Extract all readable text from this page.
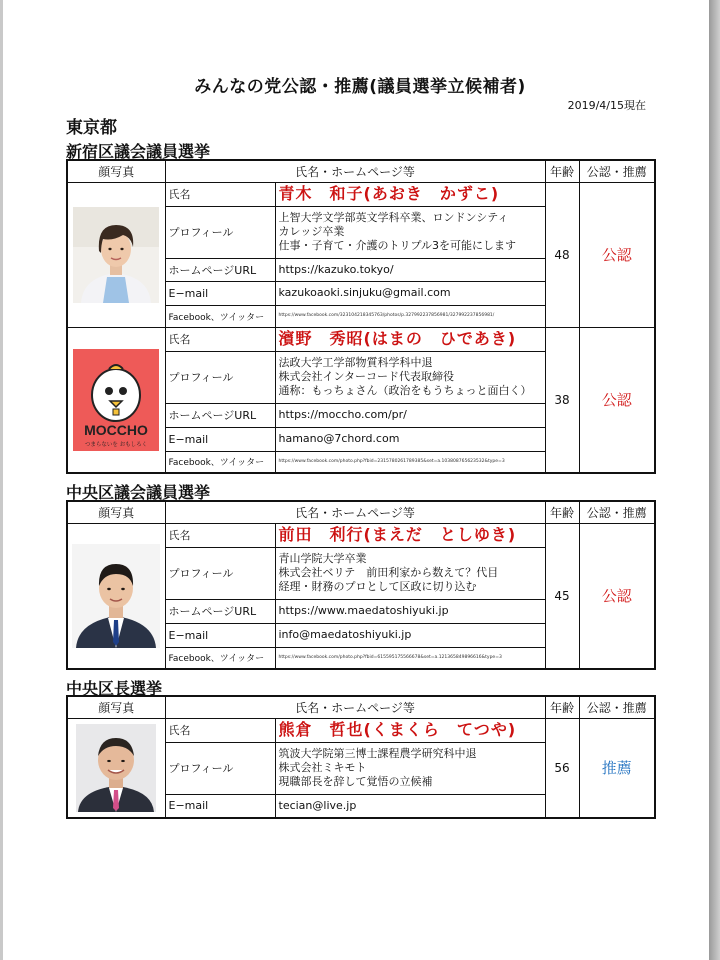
みんなの党公認・推薦(議員選挙立候補者)
2019/4/15現在
東京都
新宿区議会議員選挙
顔写真	氏名・ホームページ等		年齢	公認・推薦

	氏名	青木　和子(あおき　かずこ)	48	公認
	プロフィール	上智大学文学部英文学科卒業、ロンドンシティ
カレッジ卒業
仕事・子育て・介護のトリプル3を可能にします		

	ホームページURL	https://kazuko.tokyo/		
	E−mail	kazukoaoki.sinjuku@gmail.com		
	Facebook、ツイッター	https://www.facebook.com/323104218345763/photos/p.327992237856981/327992237856981/		

MOCCHO
つまらないを おもしろく	氏名	濱野　秀昭(はまの　ひであき)	38	公認
	プロフィール	法政大学工学部物質科学科中退
株式会社インターコード代表取締役
通称：もっちょさん（政治をもうちょっと面白く）		

	ホームページURL	https://moccho.com/pr/		
	E−mail	hamano@7chord.com		
	Facebook、ツイッター	https://www.facebook.com/photo.php?fbid=2315780261789385&set=a.103808765623532&type=3		
中央区議会議員選挙
顔写真	氏名・ホームページ等		年齢	公認・推薦

	氏名	前田　利行(まえだ　としゆき)	45	公認
	プロフィール	青山学院大学卒業
株式会社ベリテ　前田利家から数えて？代目
経理・財務のプロとして区政に切り込む		

	ホームページURL	https://www.maedatoshiyuki.jp		
	E−mail	info@maedatoshiyuki.jp		
	Facebook、ツイッター	https://www.facebook.com/photo.php?fbid=615595175566678&set=a.121365849896616&type=3		
中央区長選挙
顔写真	氏名・ホームページ等		年齢	公認・推薦

	氏名	熊倉　哲也(くまくら　てつや)	56	推薦
	プロフィール	筑波大学院第三博士課程農学研究科中退
株式会社ミキモト
現職部長を辞して覚悟の立候補		

	E−mail	tecian@live.jp		
